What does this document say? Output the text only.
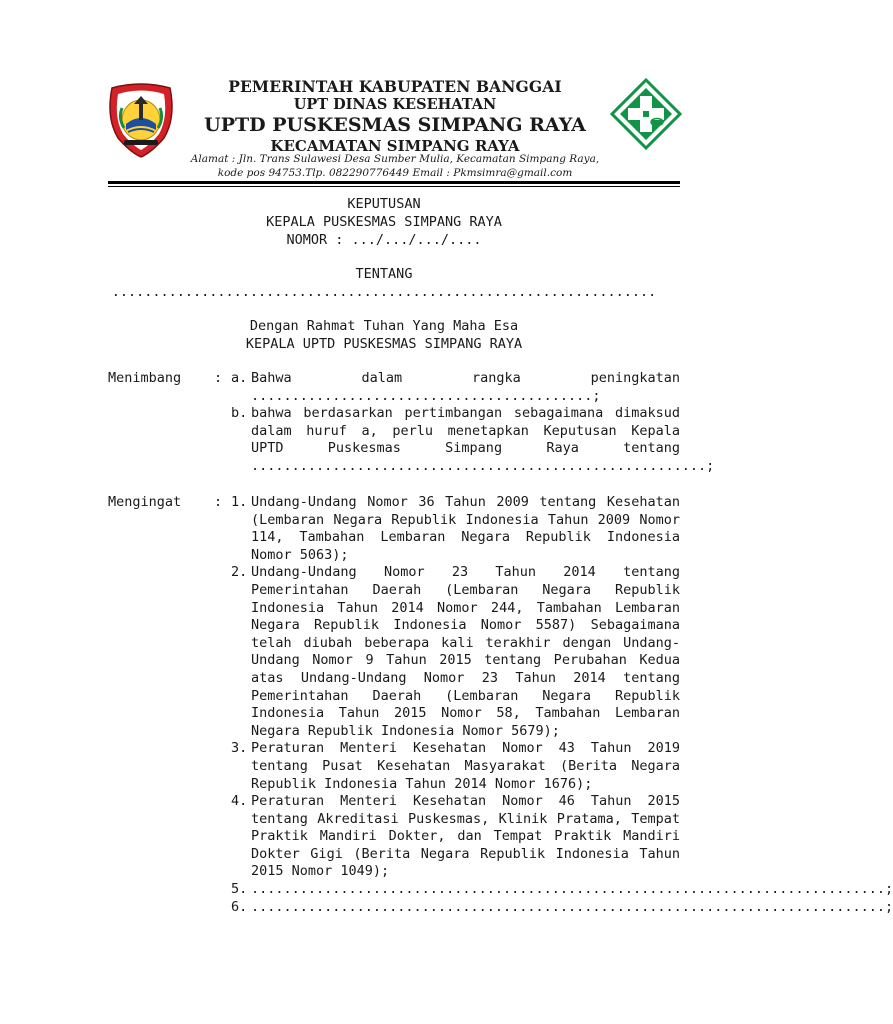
PEMERINTAH KABUPATEN BANGGAI
UPT DINAS KESEHATAN
UPTD PUSKESMAS SIMPANG RAYA
KECAMATAN SIMPANG RAYA
Alamat : Jln. Trans Sulawesi Desa Sumber Mulia, Kecamatan Simpang Raya,
kode pos 94753.Tlp. 082290776449 Email : Pkmsimra@gmail.com
KEPUTUSAN
KEPALA PUSKESMAS SIMPANG RAYA
NOMOR : .../.../.../....
TENTANG
...................................................................
Dengan Rahmat Tuhan Yang Maha Esa
KEPALA UPTD PUSKESMAS SIMPANG RAYA
Menimbang : a. Bahwa dalam rangka peningkatan ..........................................;
b. bahwa berdasarkan pertimbangan sebagaimana dimaksud dalam huruf a, perlu menetapkan Keputusan Kepala UPTD Puskesmas Simpang Raya tentang ........................................................;
Mengingat : 1. Undang-Undang Nomor 36 Tahun 2009 tentang Kesehatan (Lembaran Negara Republik Indonesia Tahun 2009 Nomor 114, Tambahan Lembaran Negara Republik Indonesia Nomor 5063);
2. Undang-Undang Nomor 23 Tahun 2014 tentang Pemerintahan Daerah (Lembaran Negara Republik Indonesia Tahun 2014 Nomor 244, Tambahan Lembaran Negara Republik Indonesia Nomor 5587) Sebagaimana telah diubah beberapa kali terakhir dengan Undang-Undang Nomor 9 Tahun 2015 tentang Perubahan Kedua atas Undang-Undang Nomor 23 Tahun 2014 tentang Pemerintahan Daerah (Lembaran Negara Republik Indonesia Tahun 2015 Nomor 58, Tambahan Lembaran Negara Republik Indonesia Nomor 5679);
3. Peraturan Menteri Kesehatan Nomor 43 Tahun 2019 tentang Pusat Kesehatan Masyarakat (Berita Negara Republik Indonesia Tahun 2014 Nomor 1676);
4. Peraturan Menteri Kesehatan Nomor 46 Tahun 2015 tentang Akreditasi Puskesmas, Klinik Pratama, Tempat Praktik Mandiri Dokter, dan Tempat Praktik Mandiri Dokter Gigi (Berita Negara Republik Indonesia Tahun 2015 Nomor 1049);
5. ..............................................................................;
6. ..............................................................................;
